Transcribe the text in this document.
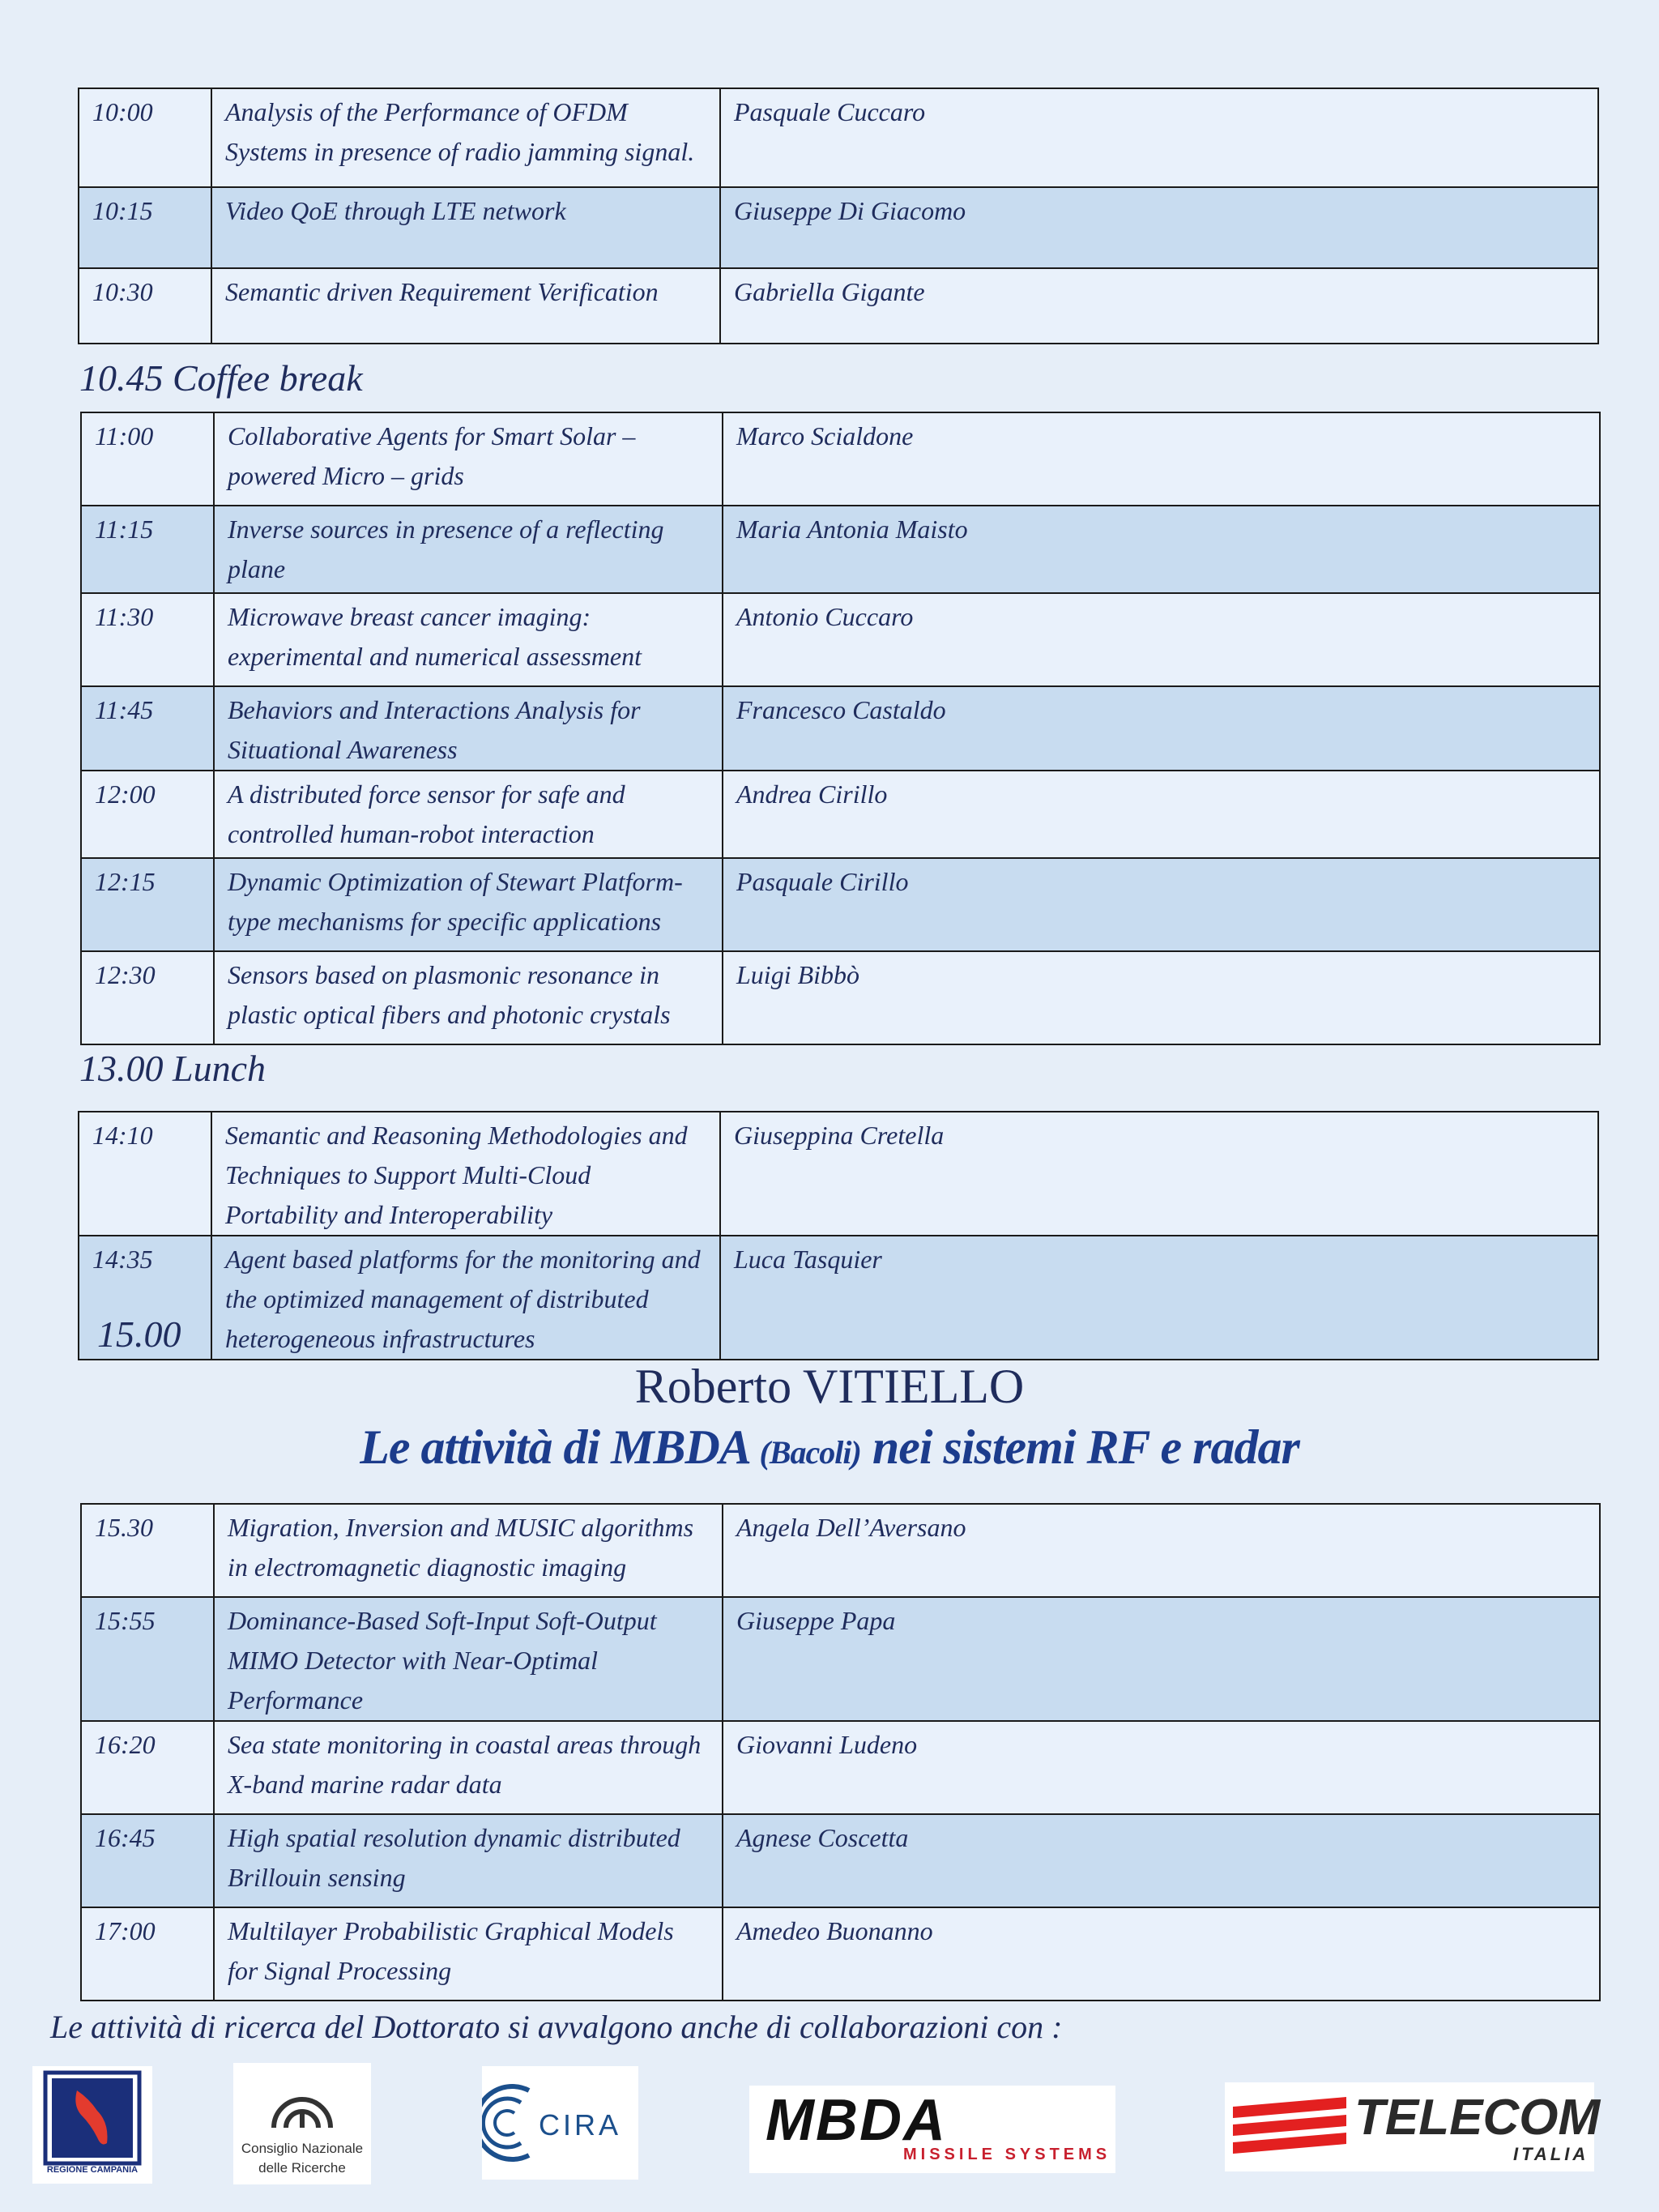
10:00	Analysis of the Performance of OFDM Systems in presence of radio jamming signal.	Pasquale Cuccaro
10:15	Video QoE through LTE network	Giuseppe Di Giacomo
10:30	Semantic driven Requirement Verification	Gabriella Gigante
10.45 Coffee break
11:00	Collaborative Agents for Smart Solar – powered Micro – grids	Marco Scialdone
11:15	Inverse sources in presence of a reflecting plane	Maria Antonia Maisto
11:30	Microwave breast cancer imaging: experimental and numerical assessment	Antonio Cuccaro
11:45	Behaviors and Interactions Analysis for Situational Awareness	Francesco Castaldo
12:00	A distributed force sensor for safe and controlled human-robot interaction	Andrea Cirillo
12:15	Dynamic Optimization of Stewart Platform-type mechanisms for specific applications	Pasquale Cirillo
12:30	Sensors based on plasmonic resonance in plastic optical fibers and photonic crystals	Luigi Bibbò
13.00 Lunch
14:10	Semantic and Reasoning Methodologies and Techniques to Support Multi-Cloud Portability and Interoperability	Giuseppina Cretella
14:35	Agent based platforms for the monitoring and the optimized management of distributed heterogeneous infrastructures	Luca Tasquier
15.00
Roberto VITIELLO
Le attività di MBDA (Bacoli) nei sistemi RF e radar
15.30	Migration, Inversion and MUSIC algorithms in electromagnetic diagnostic imaging	Angela Dell’Aversano
15:55	Dominance-Based Soft-Input Soft-Output MIMO Detector with Near-Optimal Performance	Giuseppe Papa
16:20	Sea state monitoring in coastal areas through X-band marine radar data	Giovanni Ludeno
16:45	High spatial resolution dynamic distributed Brillouin sensing	Agnese Coscetta
17:00	Multilayer Probabilistic Graphical Models for Signal Processing	Amedeo Buonanno
Le attività di ricerca del Dottorato si avvalgono anche di collaborazioni con :
REGIONE CAMPANIA
Consiglio Nazionale
delle Ricerche
CIRA MBDA
MISSILE SYSTEMS
TELECOM
ITALIA
